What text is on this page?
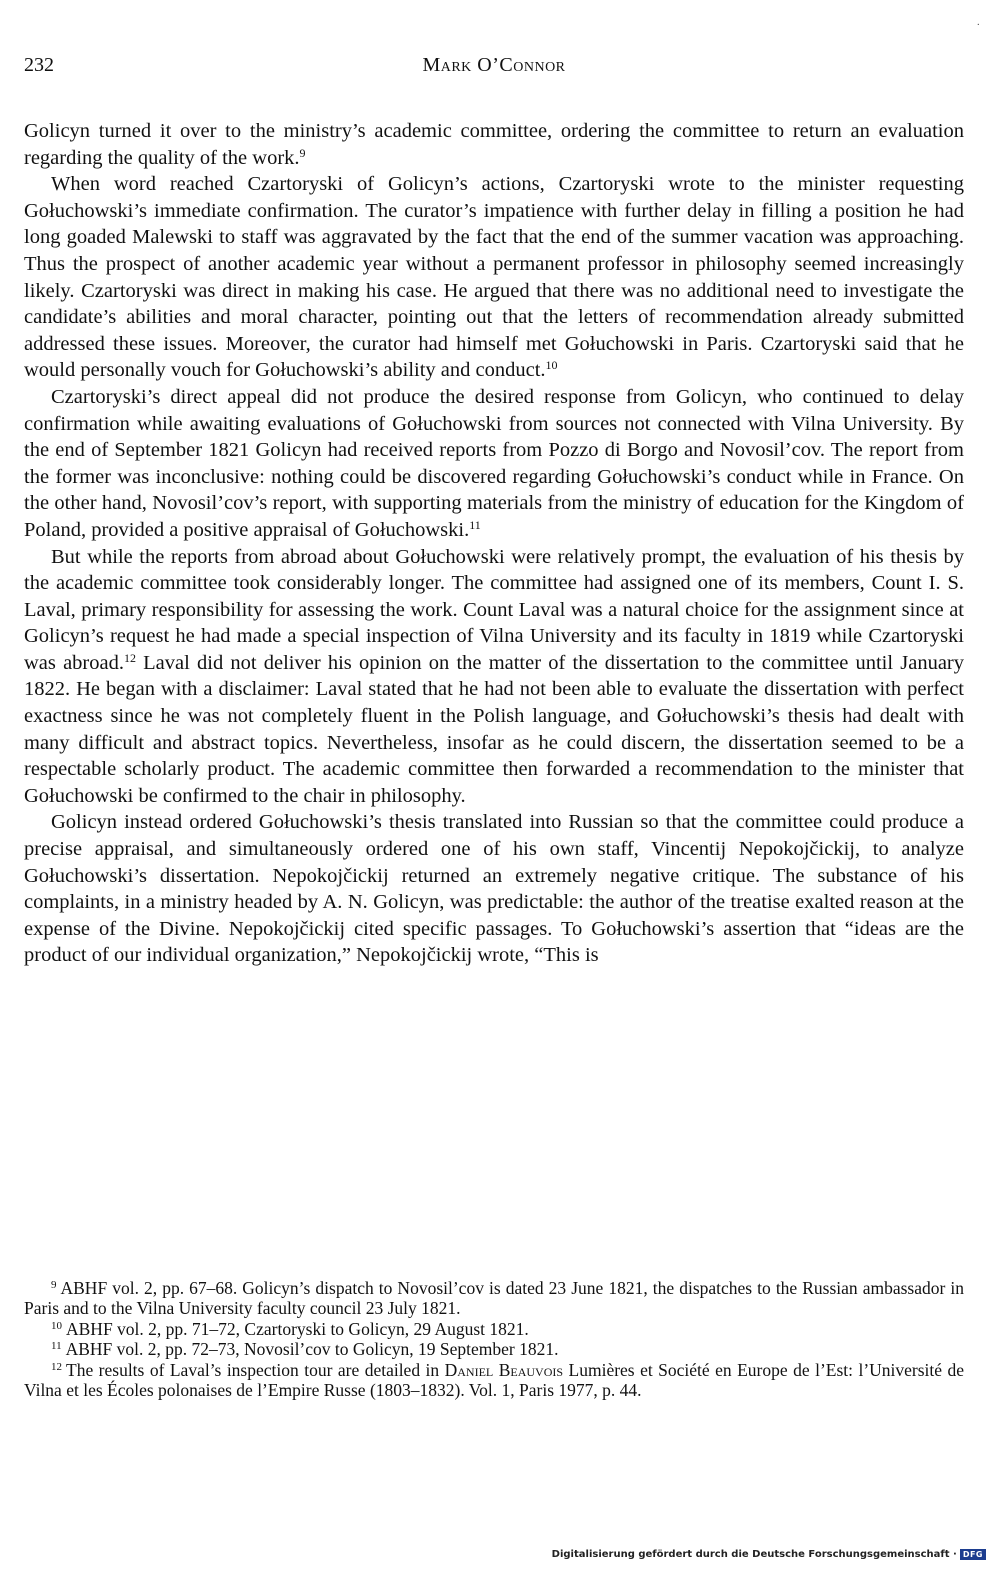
232	Mark O’Connor
·

Golicyn turned it over to the ministry’s academic committee, ordering the committee to return an evaluation regarding the quality of the work.$^9$

When word reached Czartoryski of Golicyn’s actions, Czartoryski wrote to the minister requesting Gołuchowski’s immediate confirmation. The curator’s impatience with further delay in filling a position he had long goaded Malewski to staff was aggravated by the fact that the end of the summer vacation was approaching. Thus the prospect of another academic year without a permanent professor in philosophy seemed increasingly likely. Czartoryski was direct in making his case. He argued that there was no additional need to investigate the candidate’s abilities and moral character, pointing out that the letters of recommendation already submitted addressed these issues. Moreover, the curator had himself met Gołuchowski in Paris. Czartoryski said that he would personally vouch for Gołuchowski’s ability and conduct.$^{10}$

Czartoryski’s direct appeal did not produce the desired response from Golicyn, who continued to delay confirmation while awaiting evaluations of Gołuchowski from sources not connected with Vilna University. By the end of September 1821 Golicyn had received reports from Pozzo di Borgo and Novosil’cov. The report from the former was inconclusive: nothing could be discovered regarding Gołuchowski’s conduct while in France. On the other hand, Novosil’cov’s report, with supporting materials from the ministry of education for the Kingdom of Poland, provided a positive appraisal of Gołuchowski.$^{11}$

But while the reports from abroad about Gołuchowski were relatively prompt, the evaluation of his thesis by the academic committee took considerably longer. The committee had assigned one of its members, Count I. S. Laval, primary responsibility for assessing the work. Count Laval was a natural choice for the assignment since at Golicyn’s request he had made a special inspection of Vilna University and its faculty in 1819 while Czartoryski was abroad.$^{12}$ Laval did not deliver his opinion on the matter of the dissertation to the committee until January 1822. He began with a disclaimer: Laval stated that he had not been able to evaluate the dissertation with perfect exactness since he was not completely fluent in the Polish language, and Gołuchowski’s thesis had dealt with many difficult and abstract topics. Nevertheless, insofar as he could discern, the dissertation seemed to be a respectable scholarly product. The academic committee then forwarded a recommendation to the minister that Gołuchowski be confirmed to the chair in philosophy.

Golicyn instead ordered Gołuchowski’s thesis translated into Russian so that the committee could produce a precise appraisal, and simultaneously ordered one of his own staff, Vincentij Nepokojčickij, to analyze Gołuchowski’s dissertation. Nepokojčickij returned an extremely negative critique. The substance of his complaints, in a ministry headed by A. N. Golicyn, was predictable: the author of the treatise exalted reason at the expense of the Divine. Nepokojčickij cited specific passages. To Gołuchowski’s assertion that “ideas are the product of our individual organization,” Nepokojčickij wrote, “This is

$^9$ ABHF vol. 2, pp. 67–68. Golicyn’s dispatch to Novosil’cov is dated 23 June 1821, the dispatches to the Russian ambassador in Paris and to the Vilna University faculty council 23 July 1821.

$^{10}$ ABHF vol. 2, pp. 71–72, Czartoryski to Golicyn, 29 August 1821.

$^{11}$ ABHF vol. 2, pp. 72–73, Novosil’cov to Golicyn, 19 September 1821.

$^{12}$ The results of Laval’s inspection tour are detailed in Daniel Beauvois Lumières et Société en Europe de l’Est: l’Université de Vilna et les Écoles polonaises de l’Empire Russe (1803–1832). Vol. 1, Paris 1977, p. 44.

Digitalisierung gefördert durch die Deutsche Forschungsgemeinschaft · DFG
